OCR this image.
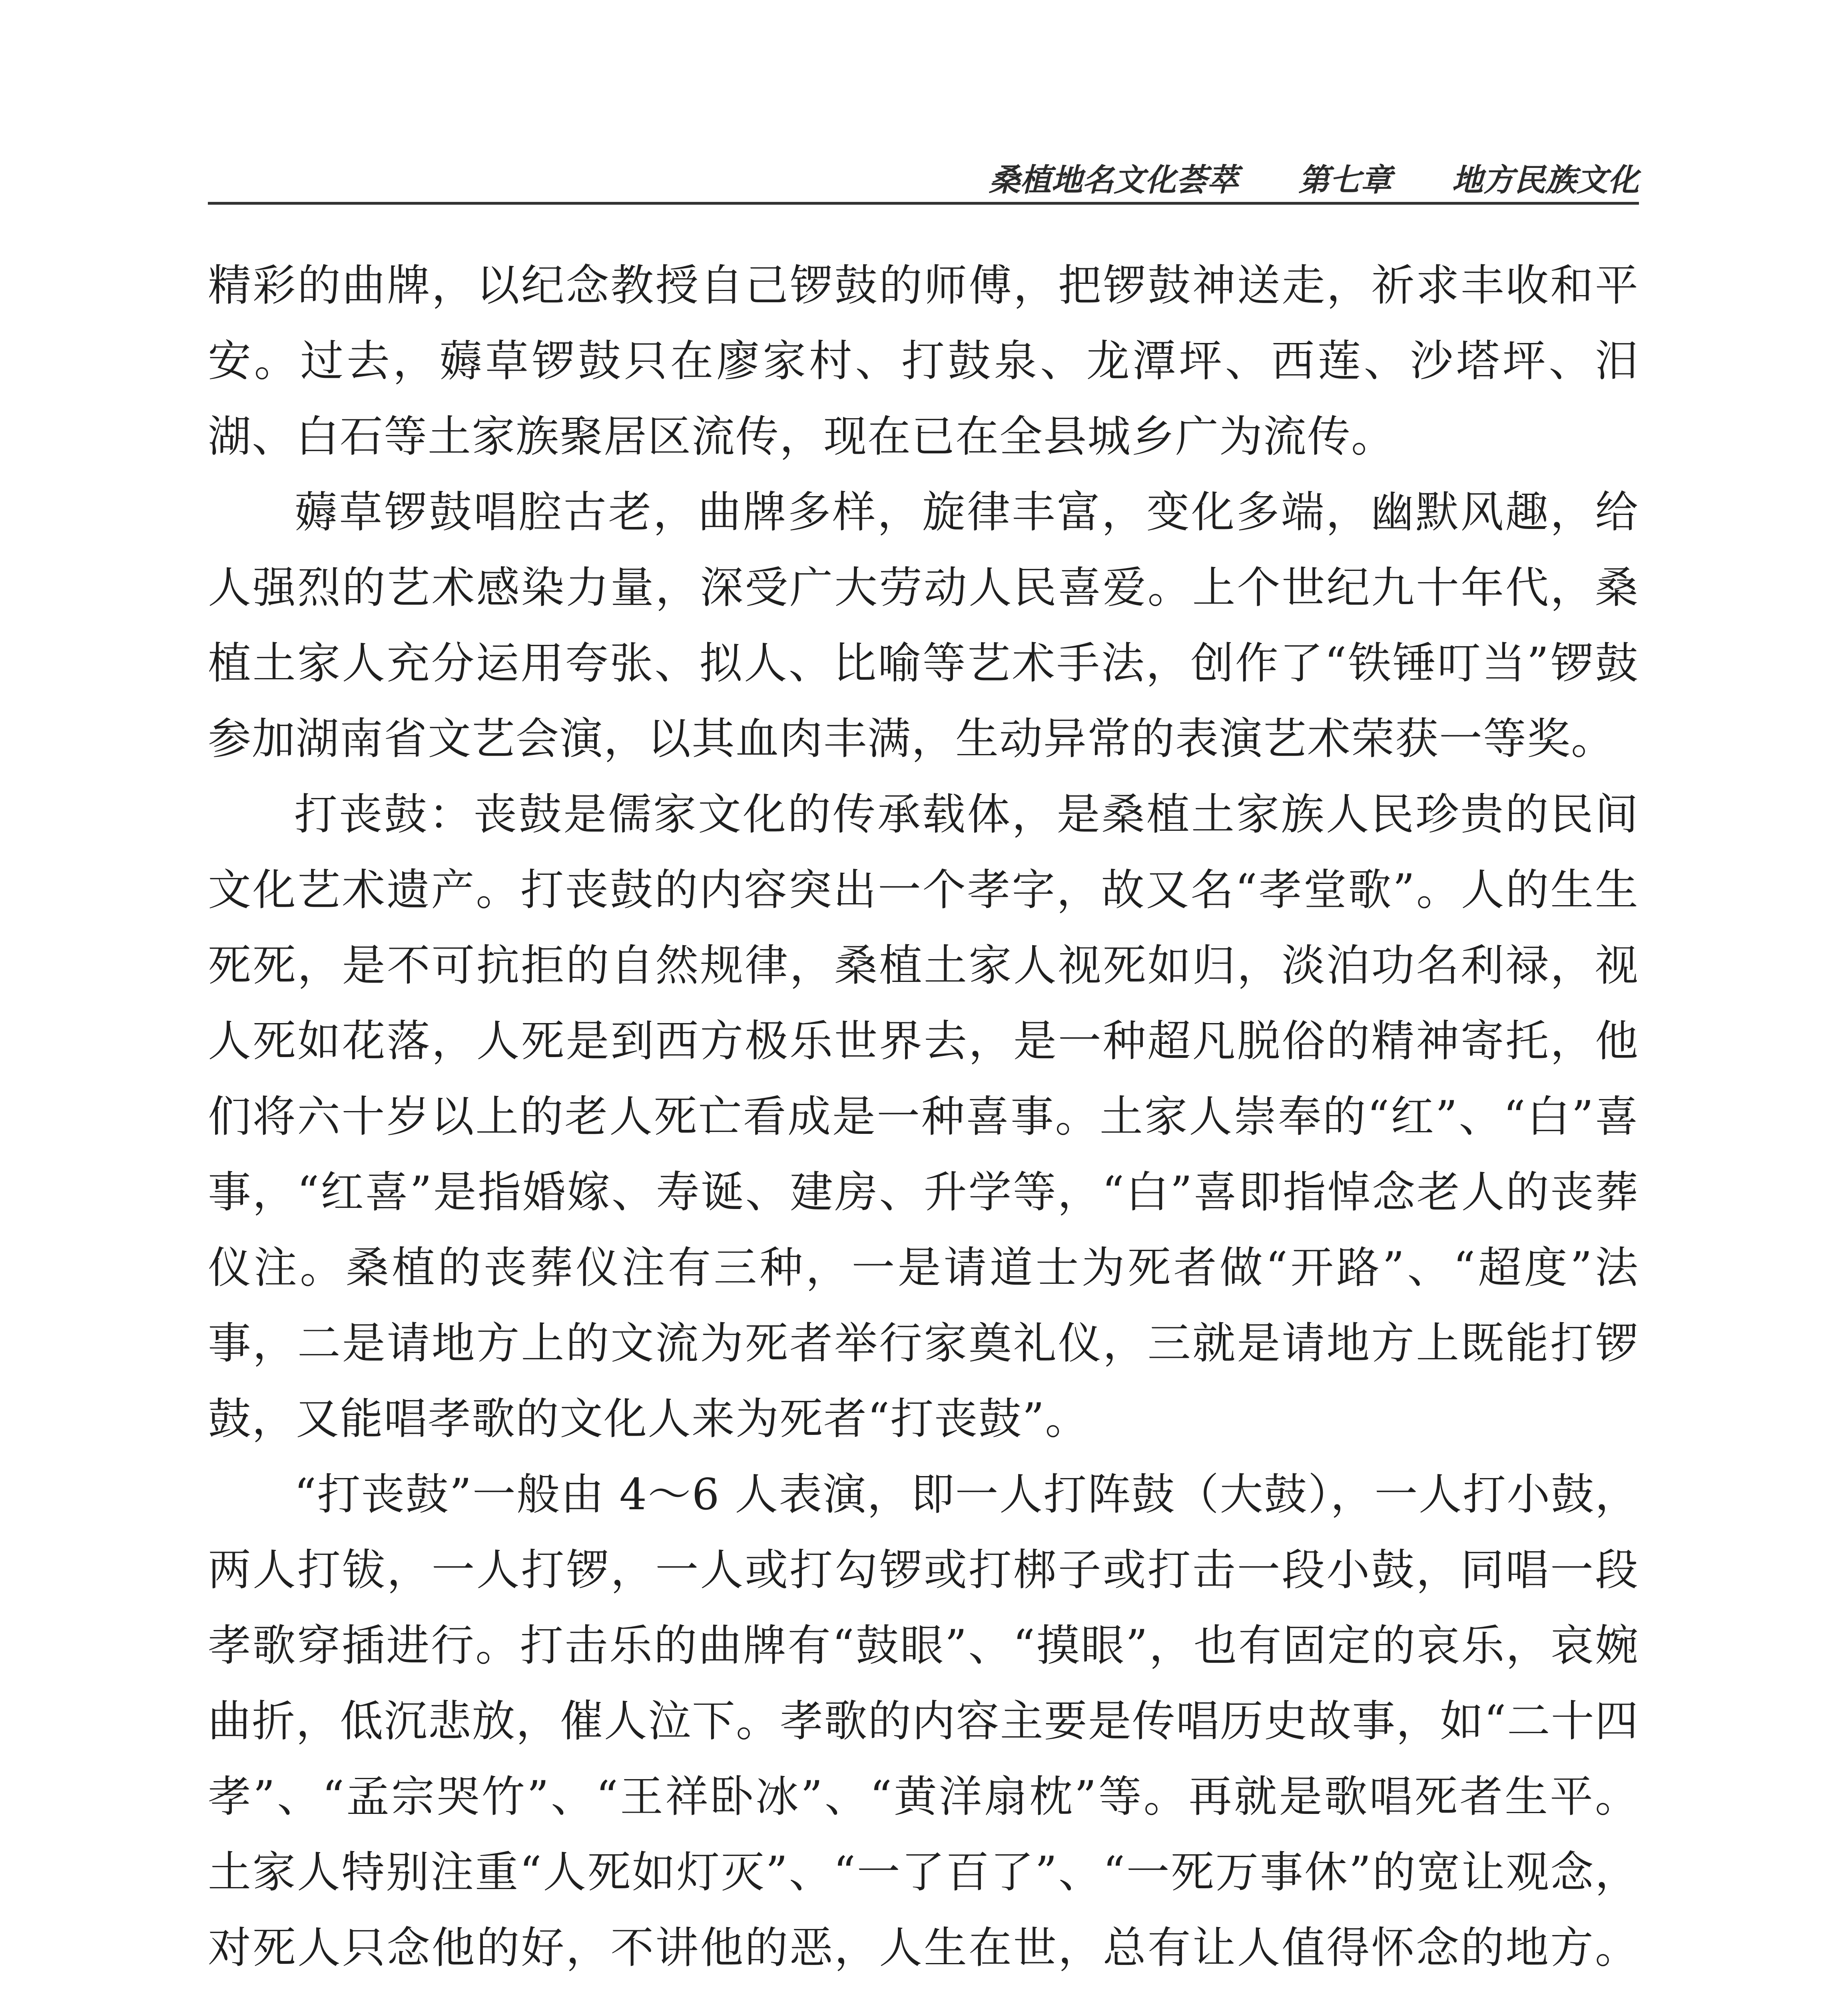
桑植地名文化荟萃 第七章 地方民族文化

精彩的曲牌，以纪念教授自己锣鼓的师傅，把锣鼓神送走，祈求丰收和平安。过去，薅草锣鼓只在廖家村、打鼓泉、龙潭坪、西莲、沙塔坪、汨湖、白石等土家族聚居区流传，现在已在全县城乡广为流传。

薅草锣鼓唱腔古老，曲牌多样，旋律丰富，变化多端，幽默风趣，给人强烈的艺术感染力量，深受广大劳动人民喜爱。上个世纪九十年代，桑植土家人充分运用夸张、拟人、比喻等艺术手法，创作了“铁锤叮当”锣鼓参加湖南省文艺会演，以其血肉丰满，生动异常的表演艺术荣获一等奖。

打丧鼓：丧鼓是儒家文化的传承载体，是桑植土家族人民珍贵的民间文化艺术遗产。打丧鼓的内容突出一个孝字，故又名“孝堂歌”。人的生生死死，是不可抗拒的自然规律，桑植土家人视死如归，淡泊功名利禄，视人死如花落，人死是到西方极乐世界去，是一种超凡脱俗的精神寄托，他们将六十岁以上的老人死亡看成是一种喜事。土家人崇奉的“红”、“白”喜事，“红喜”是指婚嫁、寿诞、建房、升学等，“白”喜即指悼念老人的丧葬仪注。桑植的丧葬仪注有三种，一是请道士为死者做“开路”、“超度”法事，二是请地方上的文流为死者举行家奠礼仪，三就是请地方上既能打锣鼓，又能唱孝歌的文化人来为死者“打丧鼓”。

“打丧鼓”一般由 4～6 人表演，即一人打阵鼓（大鼓），一人打小鼓，两人打钹，一人打锣，一人或打勾锣或打梆子或打击一段小鼓，同唱一段孝歌穿插进行。打击乐的曲牌有“鼓眼”、“摸眼”，也有固定的哀乐，哀婉曲折，低沉悲放，催人泣下。孝歌的内容主要是传唱历史故事，如“二十四孝”、“孟宗哭竹”、“王祥卧冰”、“黄洋扇枕”等。再就是歌唱死者生平。土家人特别注重“人死如灯灭”、“一了百了”、“一死万事休”的宽让观念，对死人只念他的好，不讲他的恶，人生在世，总有让人值得怀念的地方。
